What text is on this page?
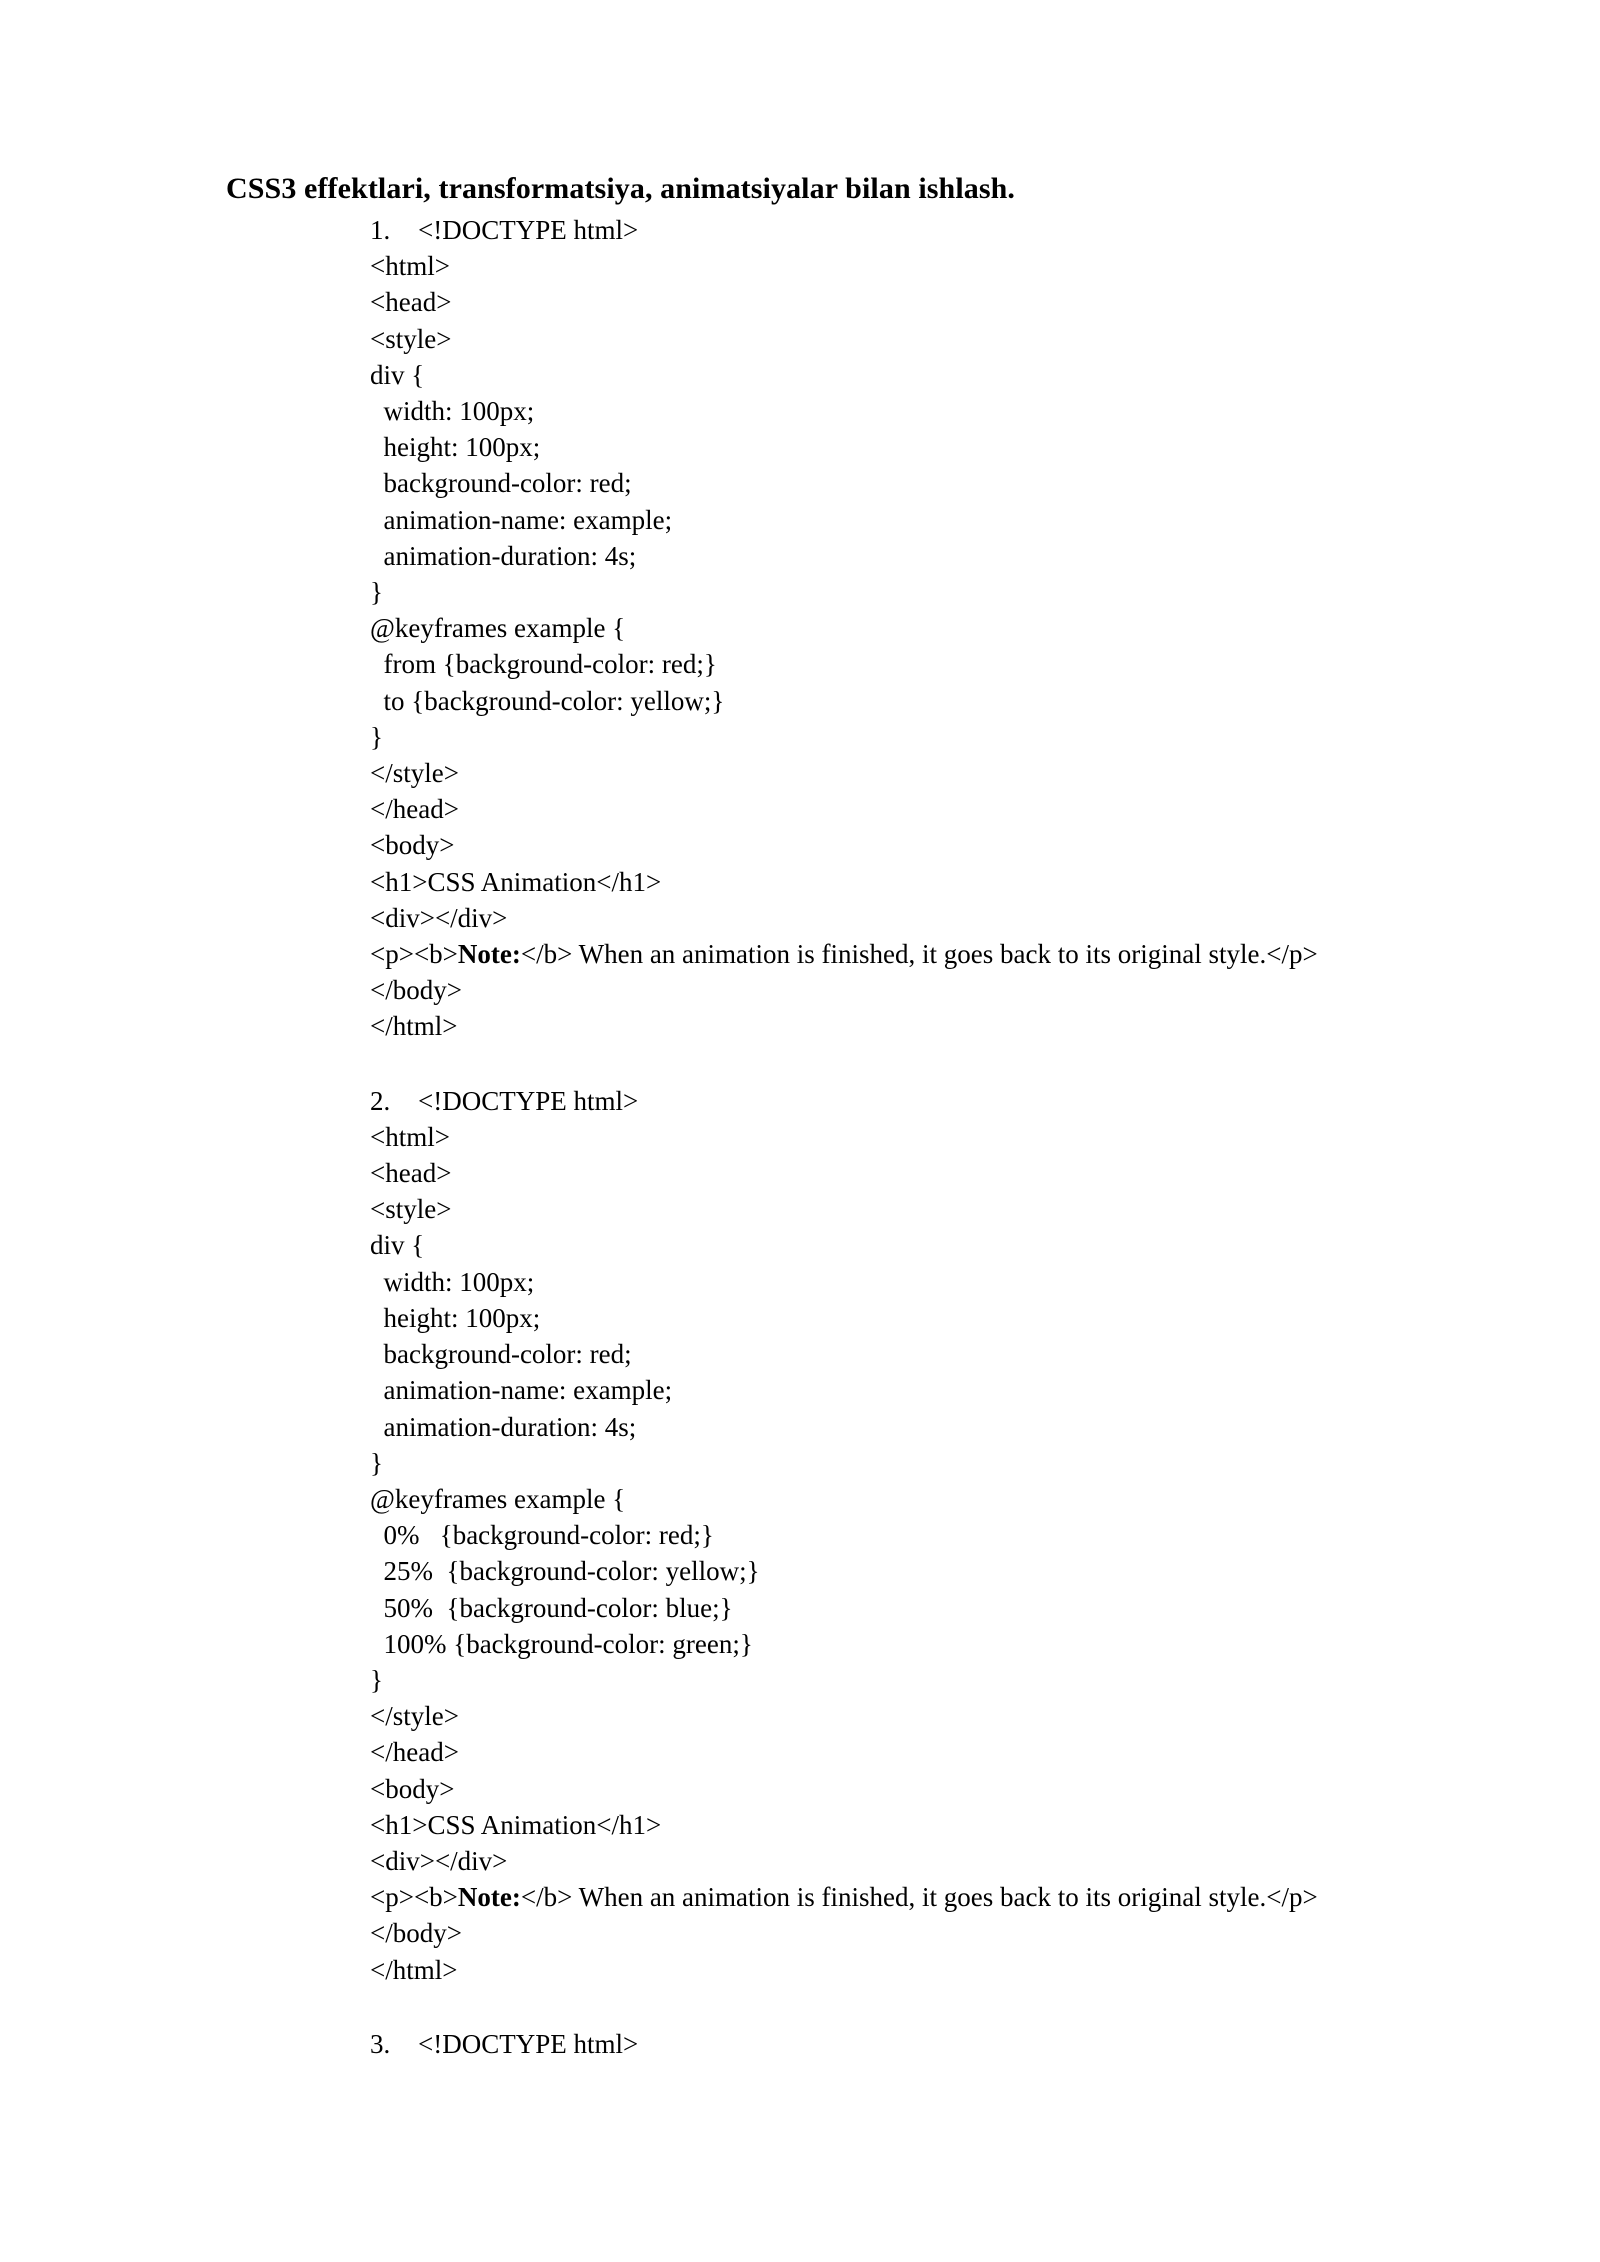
CSS3 effektlari, transformatsiya, animatsiyalar bilan ishlash.
1. <!DOCTYPE html>
<html>
<head>
<style>
div {
width: 100px;
height: 100px;
background-color: red;
animation-name: example;
animation-duration: 4s;
}
@keyframes example {
from {background-color: red;}
to {background-color: yellow;}
}
</style>
</head>
<body>
<h1>CSS Animation</h1>
<div></div>
<p><b>Note:</b> When an animation is finished, it goes back to its original style.</p>
</body>
</html>
2. <!DOCTYPE html>
<html>
<head>
<style>
div {
width: 100px;
height: 100px;
background-color: red;
animation-name: example;
animation-duration: 4s;
}
@keyframes example {
0%   {background-color: red;}
25%  {background-color: yellow;}
50%  {background-color: blue;}
100% {background-color: green;}
}
</style>
</head>
<body>
<h1>CSS Animation</h1>
<div></div>
<p><b>Note:</b> When an animation is finished, it goes back to its original style.</p>
</body>
</html>
3. <!DOCTYPE html>
